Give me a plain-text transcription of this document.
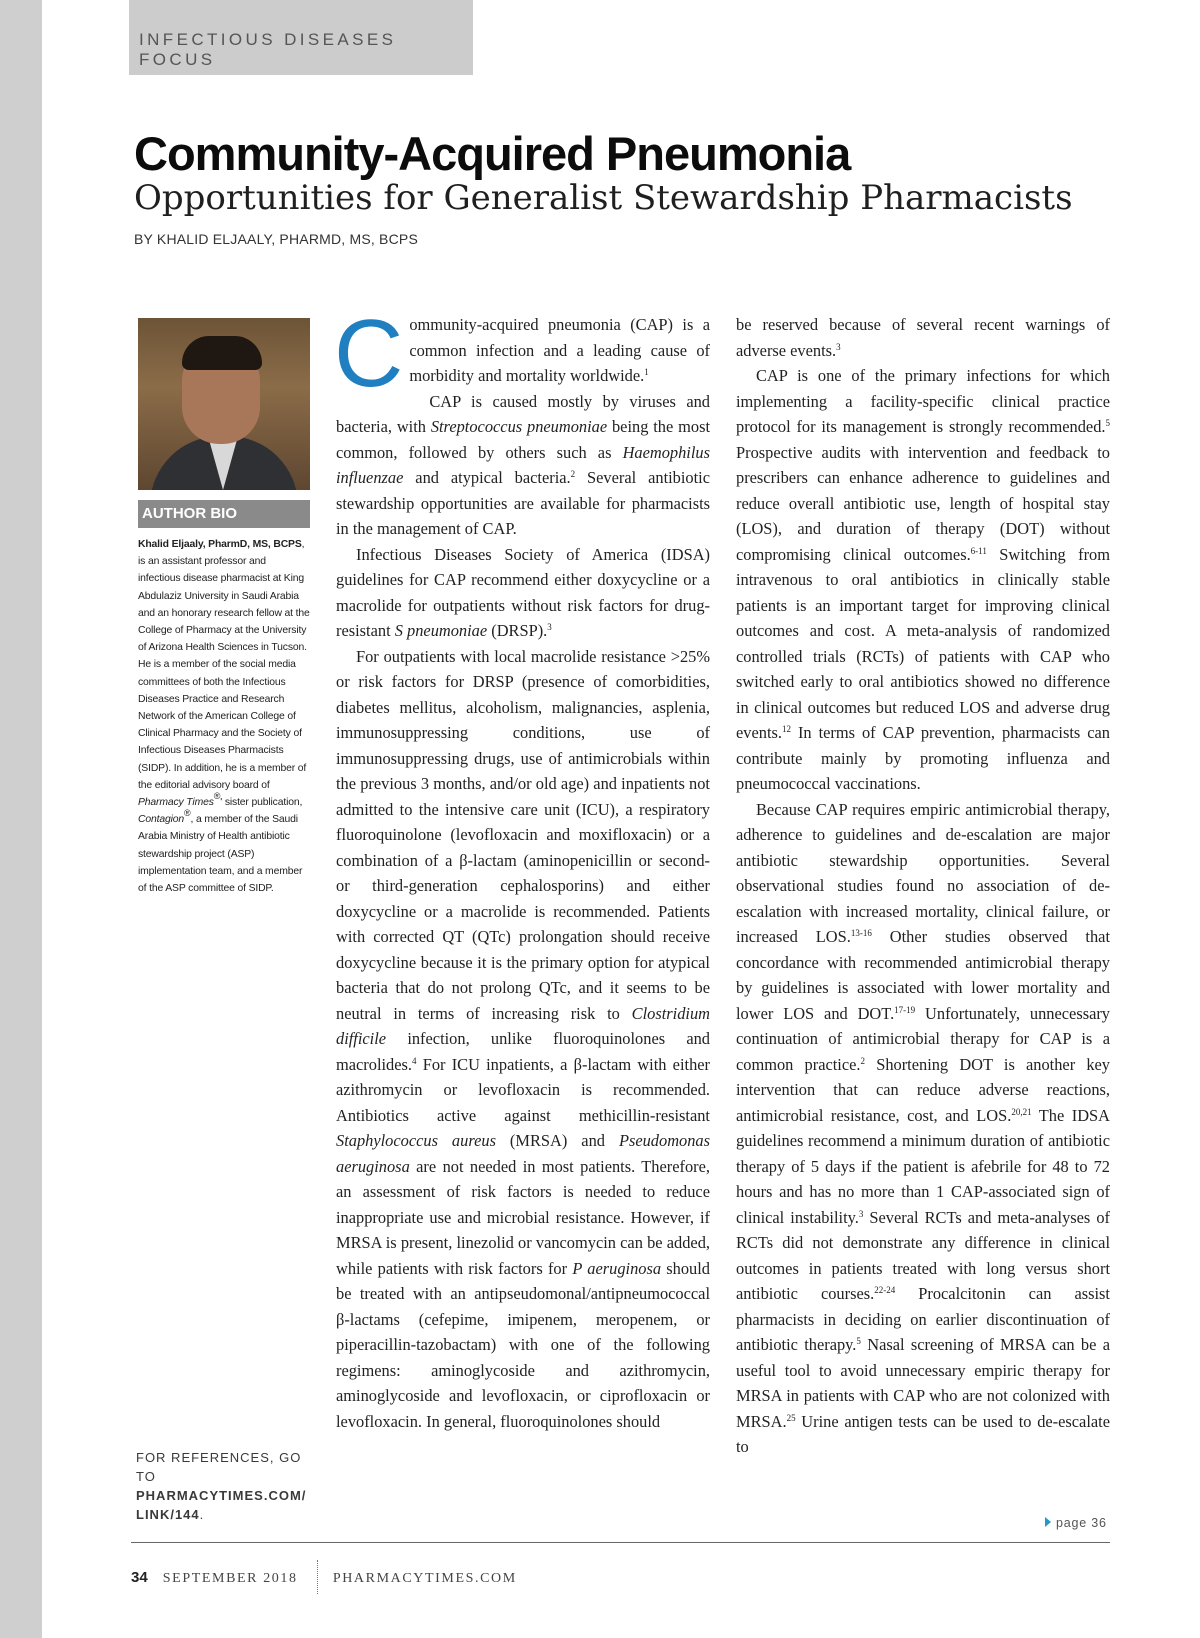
INFECTIOUS DISEASES FOCUS
Community-Acquired Pneumonia
Opportunities for Generalist Stewardship Pharmacists
BY KHALID ELJAALY, PHARMD, MS, BCPS
AUTHOR BIO
Khalid Eljaaly, PharmD, MS, BCPS, is an assistant professor and infectious disease pharmacist at King Abdulaziz University in Saudi Arabia and an honorary research fellow at the College of Pharmacy at the University of Arizona Health Sciences in Tucson. He is a member of the social media committees of both the Infectious Diseases Practice and Research Network of the American College of Clinical Pharmacy and the Society of Infectious Diseases Pharmacists (SIDP). In addition, he is a member of the editorial advisory board of Pharmacy Times®' sister publication, Contagion®, a member of the Saudi Arabia Ministry of Health antibiotic stewardship project (ASP) implementation team, and a member of the ASP committee of SIDP.
FOR REFERENCES, GO TO
PHARMACYTIMES.COM/ LINK/144.

Community-acquired pneumonia (CAP) is a common infection and a leading cause of morbidity and mortality worldwide.$^1$

CAP is caused mostly by viruses and bacteria, with Streptococcus pneumoniae being the most common, followed by others such as Haemophilus influenzae and atypical bacteria.$^2$ Several antibiotic stewardship opportunities are available for pharmacists in the management of CAP.

Infectious Diseases Society of America (IDSA) guidelines for CAP recommend either doxycycline or a macrolide for outpatients without risk factors for drug-resistant S pneumoniae (DRSP).$^3$

For outpatients with local macrolide resistance >25% or risk factors for DRSP (presence of comorbidities, diabetes mellitus, alcoholism, malignancies, asplenia, immunosuppressing conditions, use of immunosuppressing drugs, use of antimicrobials within the previous 3 months, and/or old age) and inpatients not admitted to the intensive care unit (ICU), a respiratory fluoroquinolone (levofloxacin and moxifloxacin) or a combination of a β-lactam (aminopenicillin or second- or third-generation cephalosporins) and either doxycycline or a macrolide is recommended. Patients with corrected QT (QTc) prolongation should receive doxycycline because it is the primary option for atypical bacteria that do not prolong QTc, and it seems to be neutral in terms of increasing risk to Clostridium difficile infection, unlike fluoroquinolones and macrolides.$^4$ For ICU inpatients, a β-lactam with either azithromycin or levofloxacin is recommended. Antibiotics active against methicillin-resistant Staphylococcus aureus (MRSA) and Pseudomonas aeruginosa are not needed in most patients. Therefore, an assessment of risk factors is needed to reduce inappropriate use and microbial resistance. However, if MRSA is present, linezolid or vancomycin can be added, while patients with risk factors for P aeruginosa should be treated with an antipseudomonal/antipneumococcal β-lactams (cefepime, imipenem, meropenem, or piperacillin-tazobactam) with one of the following regimens: aminoglycoside and azithromycin, aminoglycoside and levofloxacin, or ciprofloxacin or levofloxacin. In general, fluoroquinolones should

be reserved because of several recent warnings of adverse events.$^3$

CAP is one of the primary infections for which implementing a facility-specific clinical practice protocol for its management is strongly recommended.$^5$ Prospective audits with intervention and feedback to prescribers can enhance adherence to guidelines and reduce overall antibiotic use, length of hospital stay (LOS), and duration of therapy (DOT) without compromising clinical outcomes.$^{6-11}$ Switching from intravenous to oral antibiotics in clinically stable patients is an important target for improving clinical outcomes and cost. A meta-analysis of randomized controlled trials (RCTs) of patients with CAP who switched early to oral antibiotics showed no difference in clinical outcomes but reduced LOS and adverse drug events.$^{12}$ In terms of CAP prevention, pharmacists can contribute mainly by promoting influenza and pneumococcal vaccinations.

Because CAP requires empiric antimicrobial therapy, adherence to guidelines and de-escalation are major antibiotic stewardship opportunities. Several observational studies found no association of de-escalation with increased mortality, clinical failure, or increased LOS.$^{13-16}$ Other studies observed that concordance with recommended antimicrobial therapy by guidelines is associated with lower mortality and lower LOS and DOT.$^{17-19}$ Unfortunately, unnecessary continuation of antimicrobial therapy for CAP is a common practice.$^2$ Shortening DOT is another key intervention that can reduce adverse reactions, antimicrobial resistance, cost, and LOS.$^{20,21}$ The IDSA guidelines recommend a minimum duration of antibiotic therapy of 5 days if the patient is afebrile for 48 to 72 hours and has no more than 1 CAP-associated sign of clinical instability.$^3$ Several RCTs and meta-analyses of RCTs did not demonstrate any difference in clinical outcomes in patients treated with long versus short antibiotic courses.$^{22-24}$ Procalcitonin can assist pharmacists in deciding on earlier discontinuation of antibiotic therapy.$^5$ Nasal screening of MRSA can be a useful tool to avoid unnecessary empiric therapy for MRSA in patients with CAP who are not colonized with MRSA.$^{25}$ Urine antigen tests can be used to de-escalate to

page 36
34 SEPTEMBER 2018	PHARMACYTIMES.COM
